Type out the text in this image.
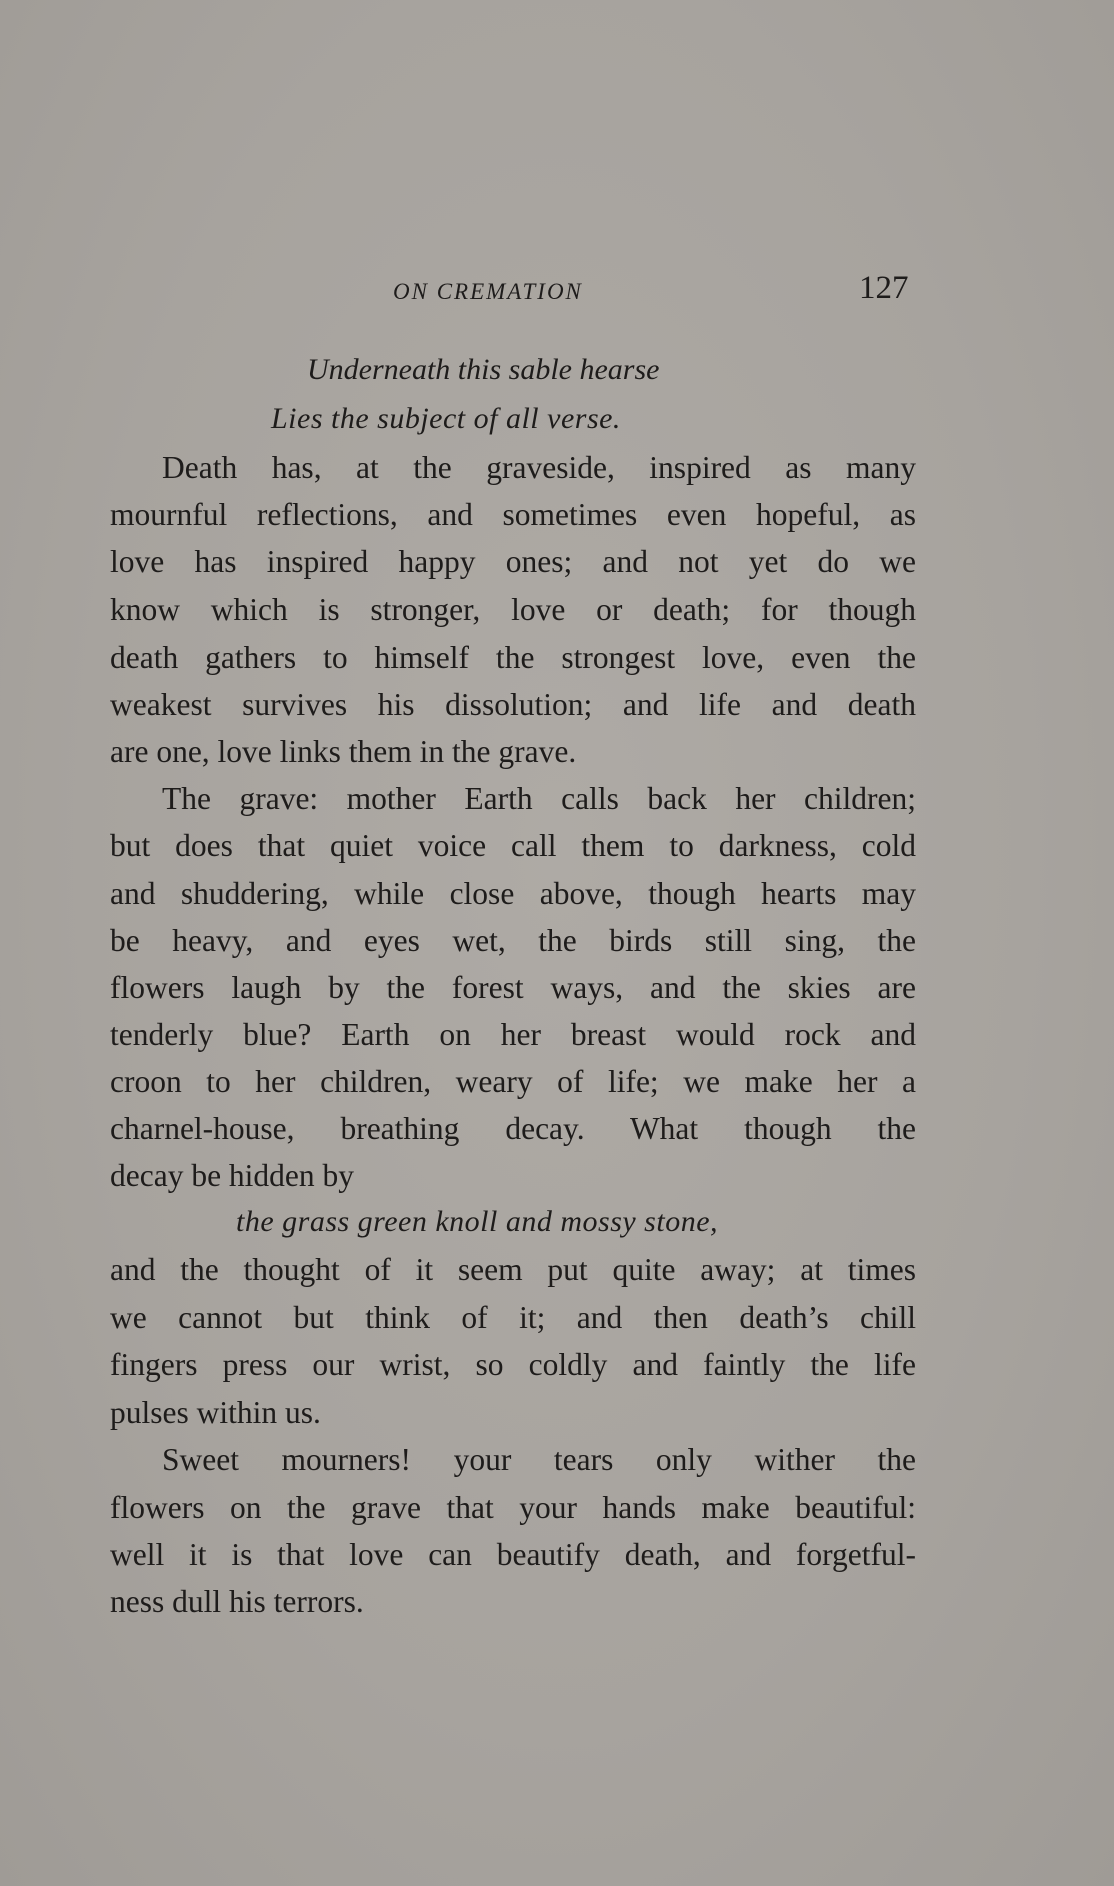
ON CREMATION	127

Underneath this sable hearse

Lies the subject of all verse.

Death has, at the graveside, inspired as many

mournful reflections, and sometimes even hopeful, as

love has inspired happy ones; and not yet do we

know which is stronger, love or death; for though

death gathers to himself the strongest love, even the

weakest survives his dissolution; and life and death

are one, love links them in the grave.

The grave: mother Earth calls back her children;

but does that quiet voice call them to darkness, cold

and shuddering, while close above, though hearts may

be heavy, and eyes wet, the birds still sing, the

flowers laugh by the forest ways, and the skies are

tenderly blue? Earth on her breast would rock and

croon to her children, weary of life; we make her a

charnel-house, breathing decay. What though the

decay be hidden by

the grass green knoll and mossy stone,

and the thought of it seem put quite away; at times

we cannot but think of it; and then death’s chill

fingers press our wrist, so coldly and faintly the life

pulses within us.

Sweet mourners! your tears only wither the

flowers on the grave that your hands make beautiful:

well it is that love can beautify death, and forgetful-

ness dull his terrors.
